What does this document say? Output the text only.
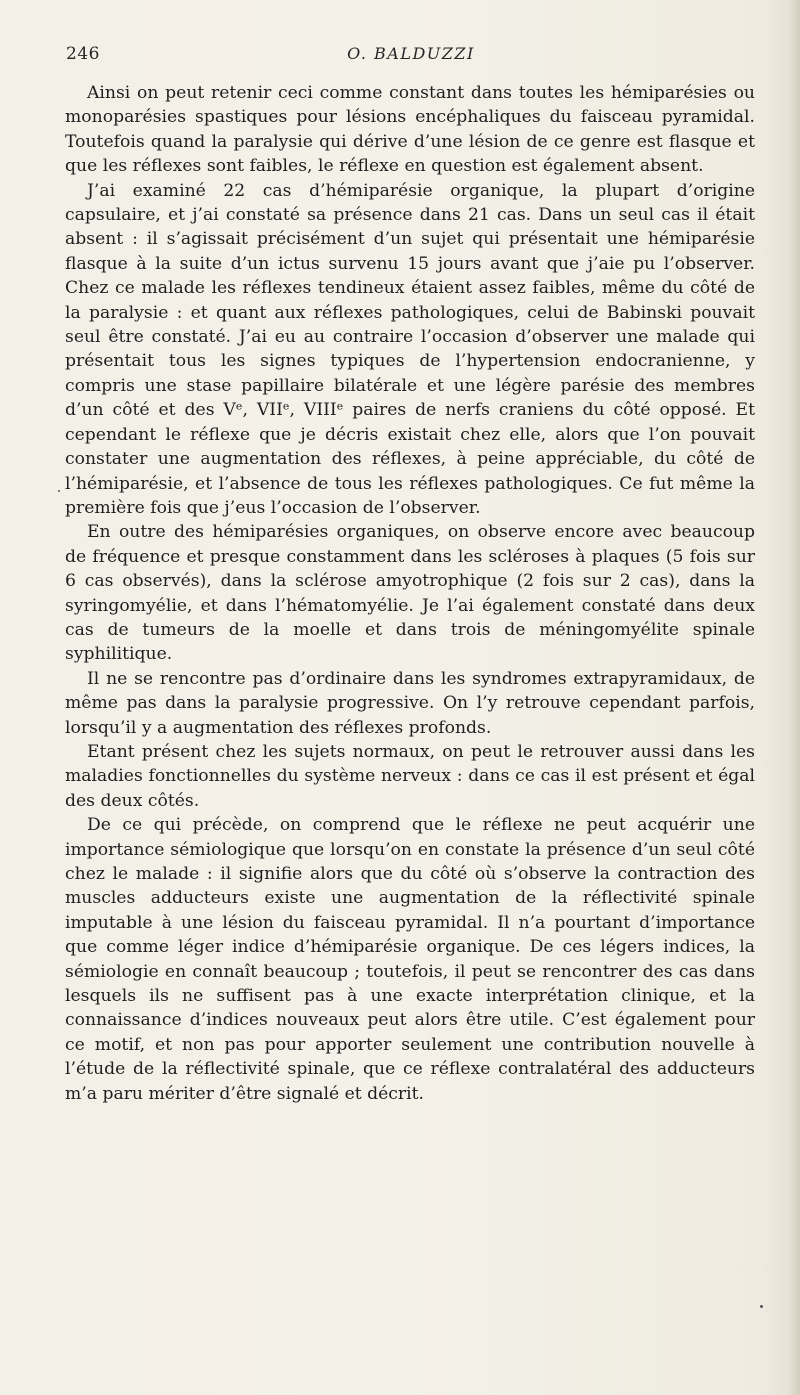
246	O. BALDUZZI

Ainsi on peut retenir ceci comme constant dans toutes les hémiparésies ou monoparésies spastiques pour lésions encéphaliques du faisceau pyramidal. Toutefois quand la paralysie qui dérive d’une lésion de ce genre est flasque et que les réflexes sont faibles, le réflexe en question est également absent.

J’ai examiné 22 cas d’hémiparésie organique, la plupart d’origine capsulaire, et j’ai constaté sa présence dans 21 cas. Dans un seul cas il était absent : il s’agissait précisément d’un sujet qui présentait une hémiparésie flasque à la suite d’un ictus survenu 15 jours avant que j’aie pu l’observer. Chez ce malade les réflexes tendineux étaient assez faibles, même du côté de la paralysie : et quant aux réflexes pathologiques, celui de Babinski pouvait seul être constaté. J’ai eu au contraire l’occasion d’observer une malade qui présentait tous les signes typiques de l’hypertension endocranienne, y compris une stase papillaire bilatérale et une légère parésie des membres d’un côté et des Vᵉ, VIIᵉ, VIIIᵉ paires de nerfs craniens du côté opposé. Et cependant le réflexe que je décris existait chez elle, alors que l’on pouvait constater une augmentation des réflexes, à peine appréciable, du côté de l’hémiparésie, et l’absence de tous les réflexes pathologiques. Ce fut même la première fois que j’eus l’occasion de l’observer.

En outre des hémiparésies organiques, on observe encore avec beaucoup de fréquence et presque constamment dans les scléroses à plaques (5 fois sur 6 cas observés), dans la sclérose amyotrophique (2 fois sur 2 cas), dans la syringomyélie, et dans l’hématomyélie. Je l’ai également constaté dans deux cas de tumeurs de la moelle et dans trois de méningomyélite spinale syphilitique.

Il ne se rencontre pas d’ordinaire dans les syndromes extrapyramidaux, de même pas dans la paralysie progressive. On l’y retrouve cependant parfois, lorsqu’il y a augmentation des réflexes profonds.

Etant présent chez les sujets normaux, on peut le retrouver aussi dans les maladies fonctionnelles du système nerveux : dans ce cas il est présent et égal des deux côtés.

De ce qui précède, on comprend que le réflexe ne peut acquérir une importance sémiologique que lorsqu’on en constate la présence d’un seul côté chez le malade : il signifie alors que du côté où s’observe la contraction des muscles adducteurs existe une augmentation de la réflectivité spinale imputable à une lésion du faisceau pyramidal. Il n’a pourtant d’importance que comme léger indice d’hémiparésie organique. De ces légers indices, la sémiologie en connaît beaucoup ; toutefois, il peut se rencontrer des cas dans lesquels ils ne suffisent pas à une exacte interprétation clinique, et la connaissance d’indices nouveaux peut alors être utile. C’est également pour ce motif, et non pas pour apporter seulement une contribution nouvelle à l’étude de la réflectivité spinale, que ce réflexe contralatéral des adducteurs m’a paru mériter d’être signalé et décrit.
